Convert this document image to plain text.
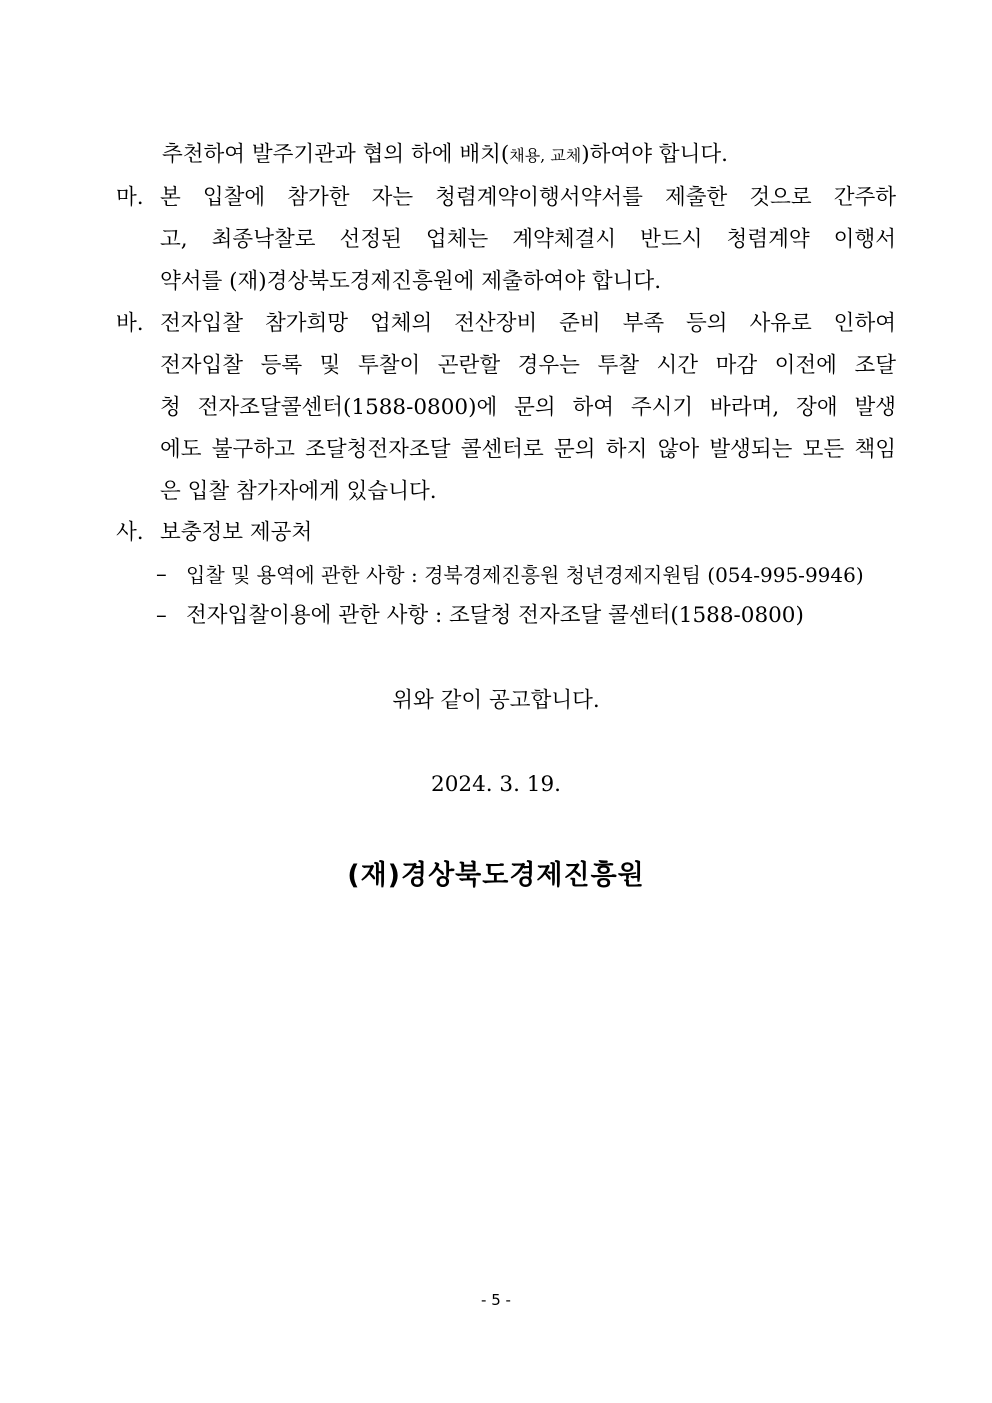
추천하여 발주기관과 협의 하에 배치(채용, 교체)하여야 합니다.
마. 본 입찰에 참가한 자는 청렴계약이행서약서를 제출한 것으로 간주하
고, 최종낙찰로 선정된 업체는 계약체결시 반드시 청렴계약 이행서
약서를 (재)경상북도경제진흥원에 제출하여야 합니다.
바. 전자입찰 참가희망 업체의 전산장비 준비 부족 등의 사유로 인하여
전자입찰 등록 및 투찰이 곤란할 경우는 투찰 시간 마감 이전에 조달
청 전자조달콜센터(1588-0800)에 문의 하여 주시기 바라며, 장애 발생
에도 불구하고 조달청전자조달 콜센터로 문의 하지 않아 발생되는 모든 책임
은 입찰 참가자에게 있습니다.
사. 보충정보 제공처
– 입찰 및 용역에 관한 사항 : 경북경제진흥원 청년경제지원팀 (054-995-9946)
– 전자입찰이용에 관한 사항 : 조달청 전자조달 콜센터(1588-0800)
위와 같이 공고합니다.
2024. 3. 19.
(재)경상북도경제진흥원
- 5 -
